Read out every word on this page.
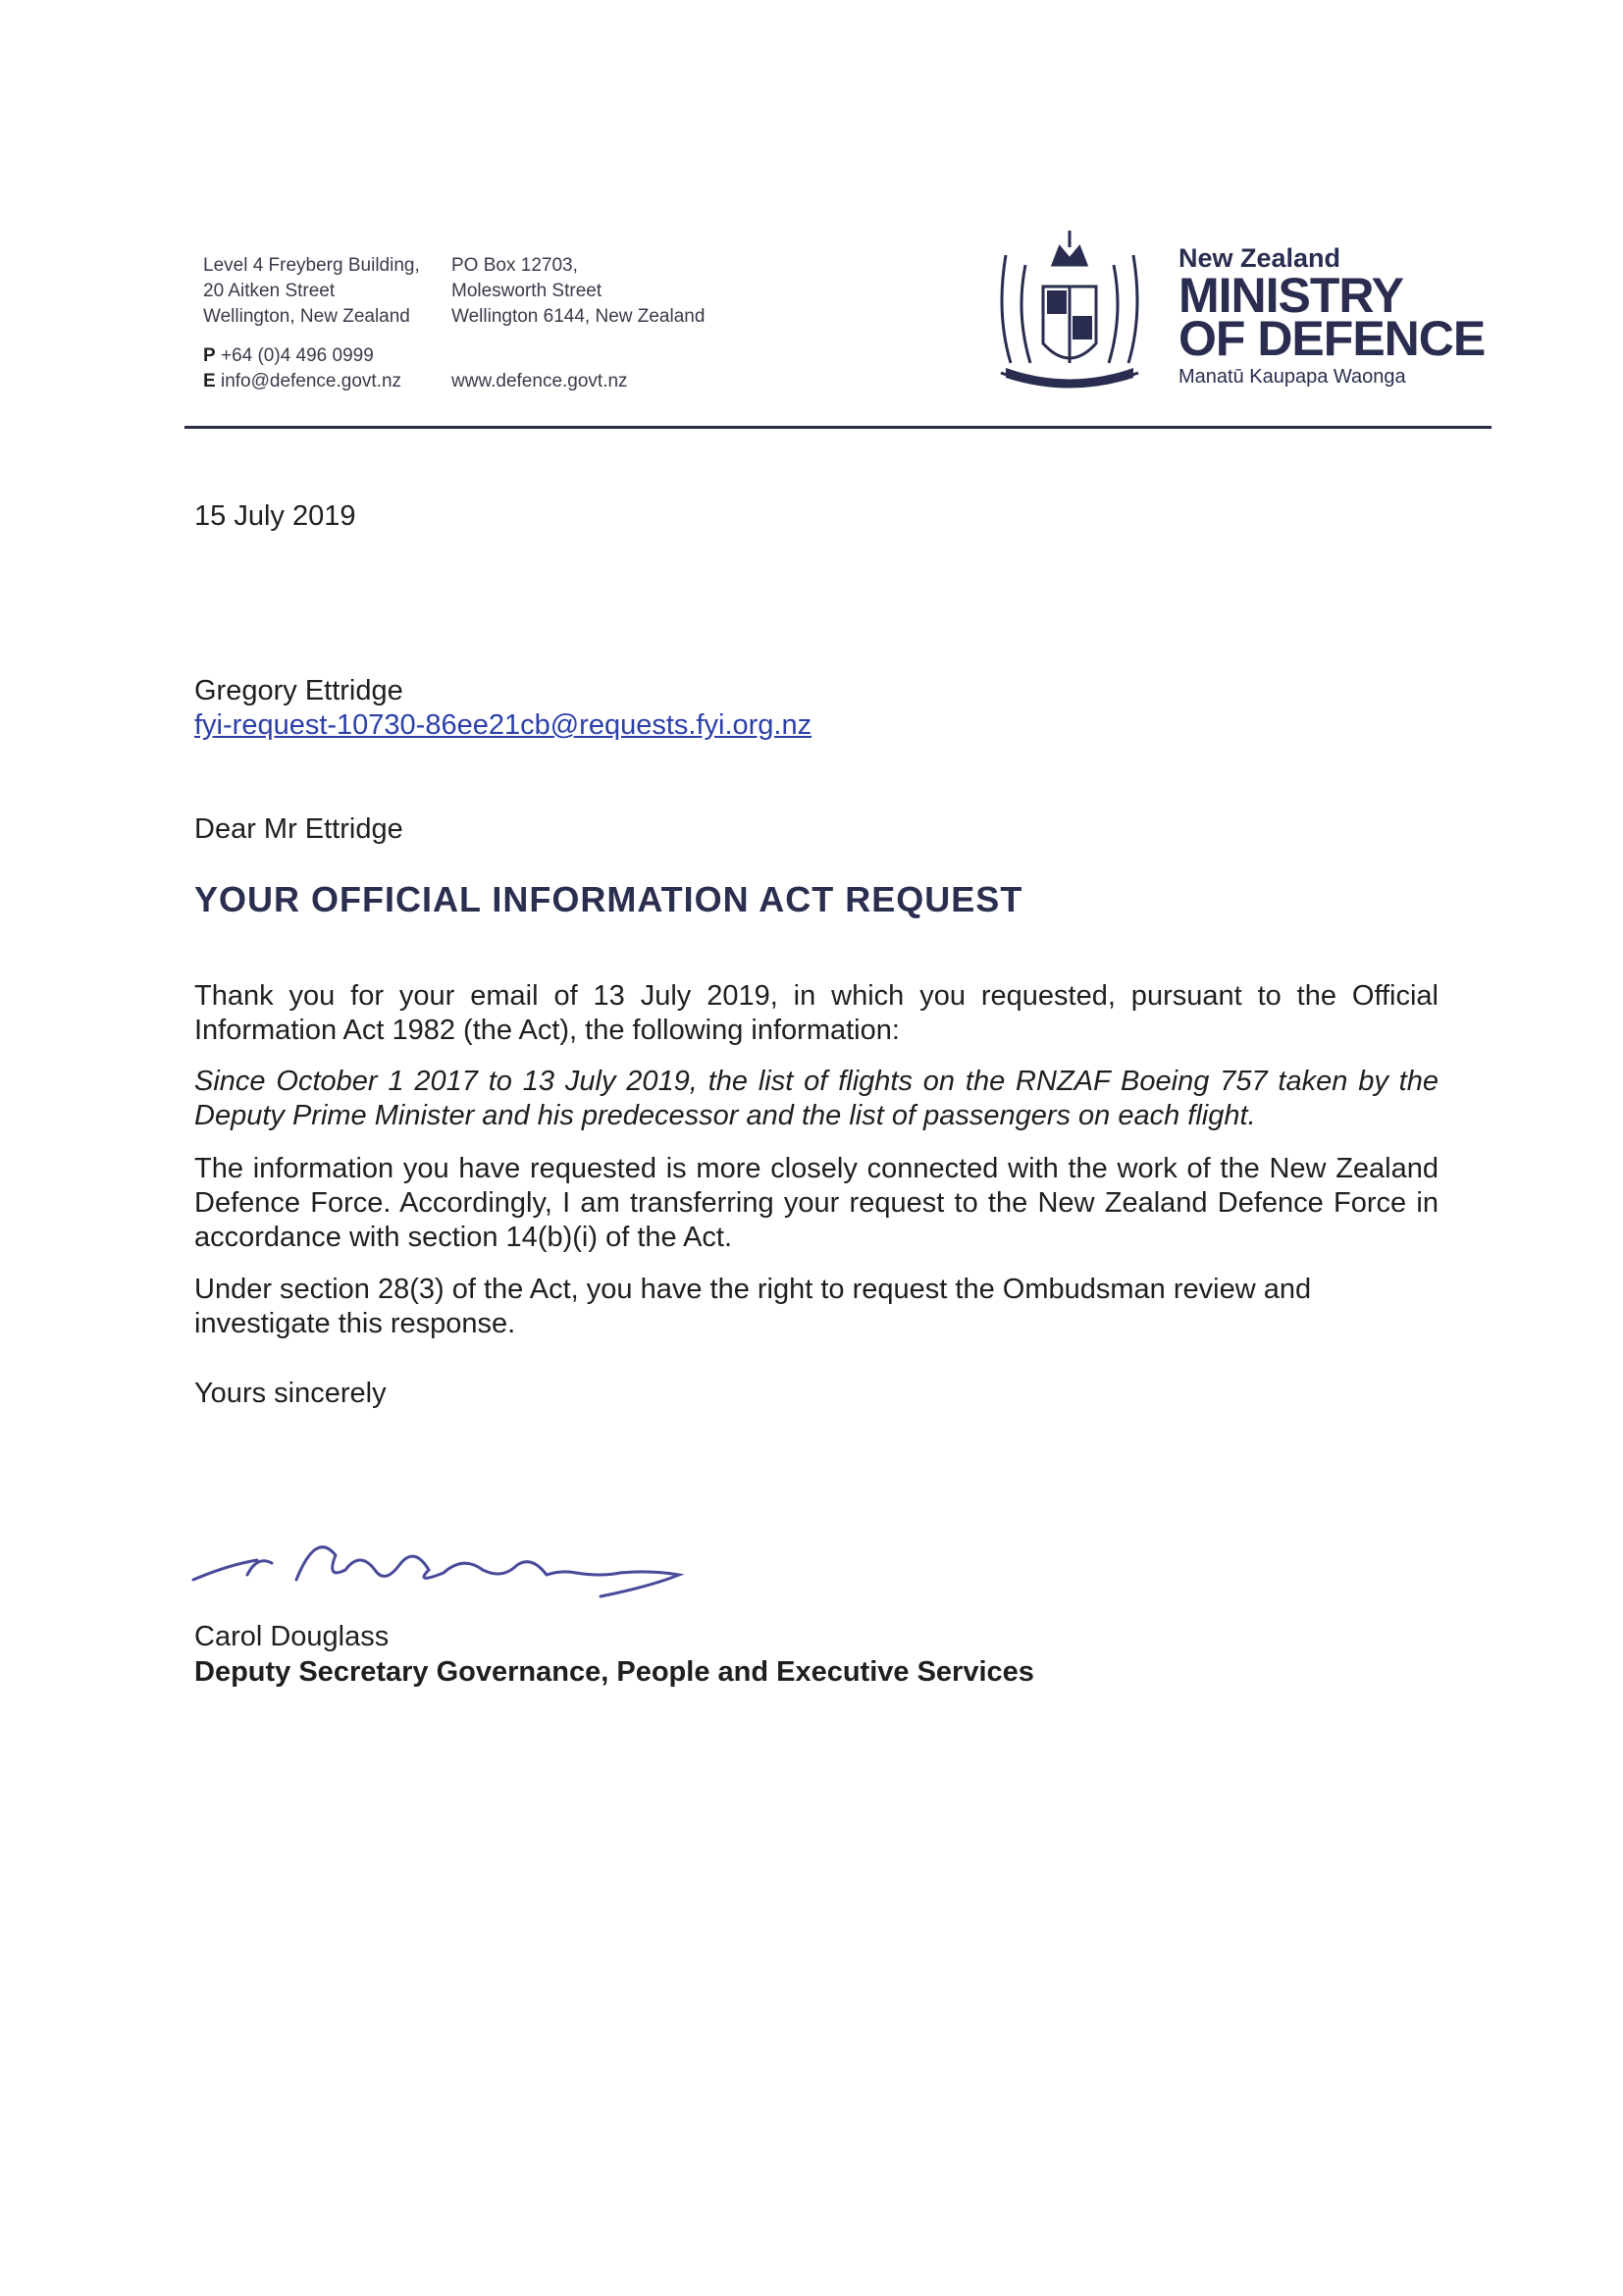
Level 4 Freyberg Building,
20 Aitken Street
Wellington, New Zealand
P +64 (0)4 496 0999
E info@defence.govt.nz
PO Box 12703,
Molesworth Street
Wellington 6144, New Zealand

www.defence.govt.nz
New Zealand
MINISTRY
OF DEFENCE
Manatū Kaupapa Waonga
15 July 2019
Gregory Ettridge
fyi-request-10730-86ee21cb@requests.fyi.org.nz
Dear Mr Ettridge
YOUR OFFICIAL INFORMATION ACT REQUEST
Thank you for your email of 13 July 2019, in which you requested, pursuant to the Official Information Act 1982 (the Act), the following information:
Since October 1 2017 to 13 July 2019, the list of flights on the RNZAF Boeing 757 taken by the Deputy Prime Minister and his predecessor and the list of passengers on each flight.
The information you have requested is more closely connected with the work of the New Zealand Defence Force. Accordingly, I am transferring your request to the New Zealand Defence Force in accordance with section 14(b)(i) of the Act.
Under section 28(3) of the Act, you have the right to request the Ombudsman review and investigate this response.
Yours sincerely
Carol Douglass
Deputy Secretary Governance, People and Executive Services
